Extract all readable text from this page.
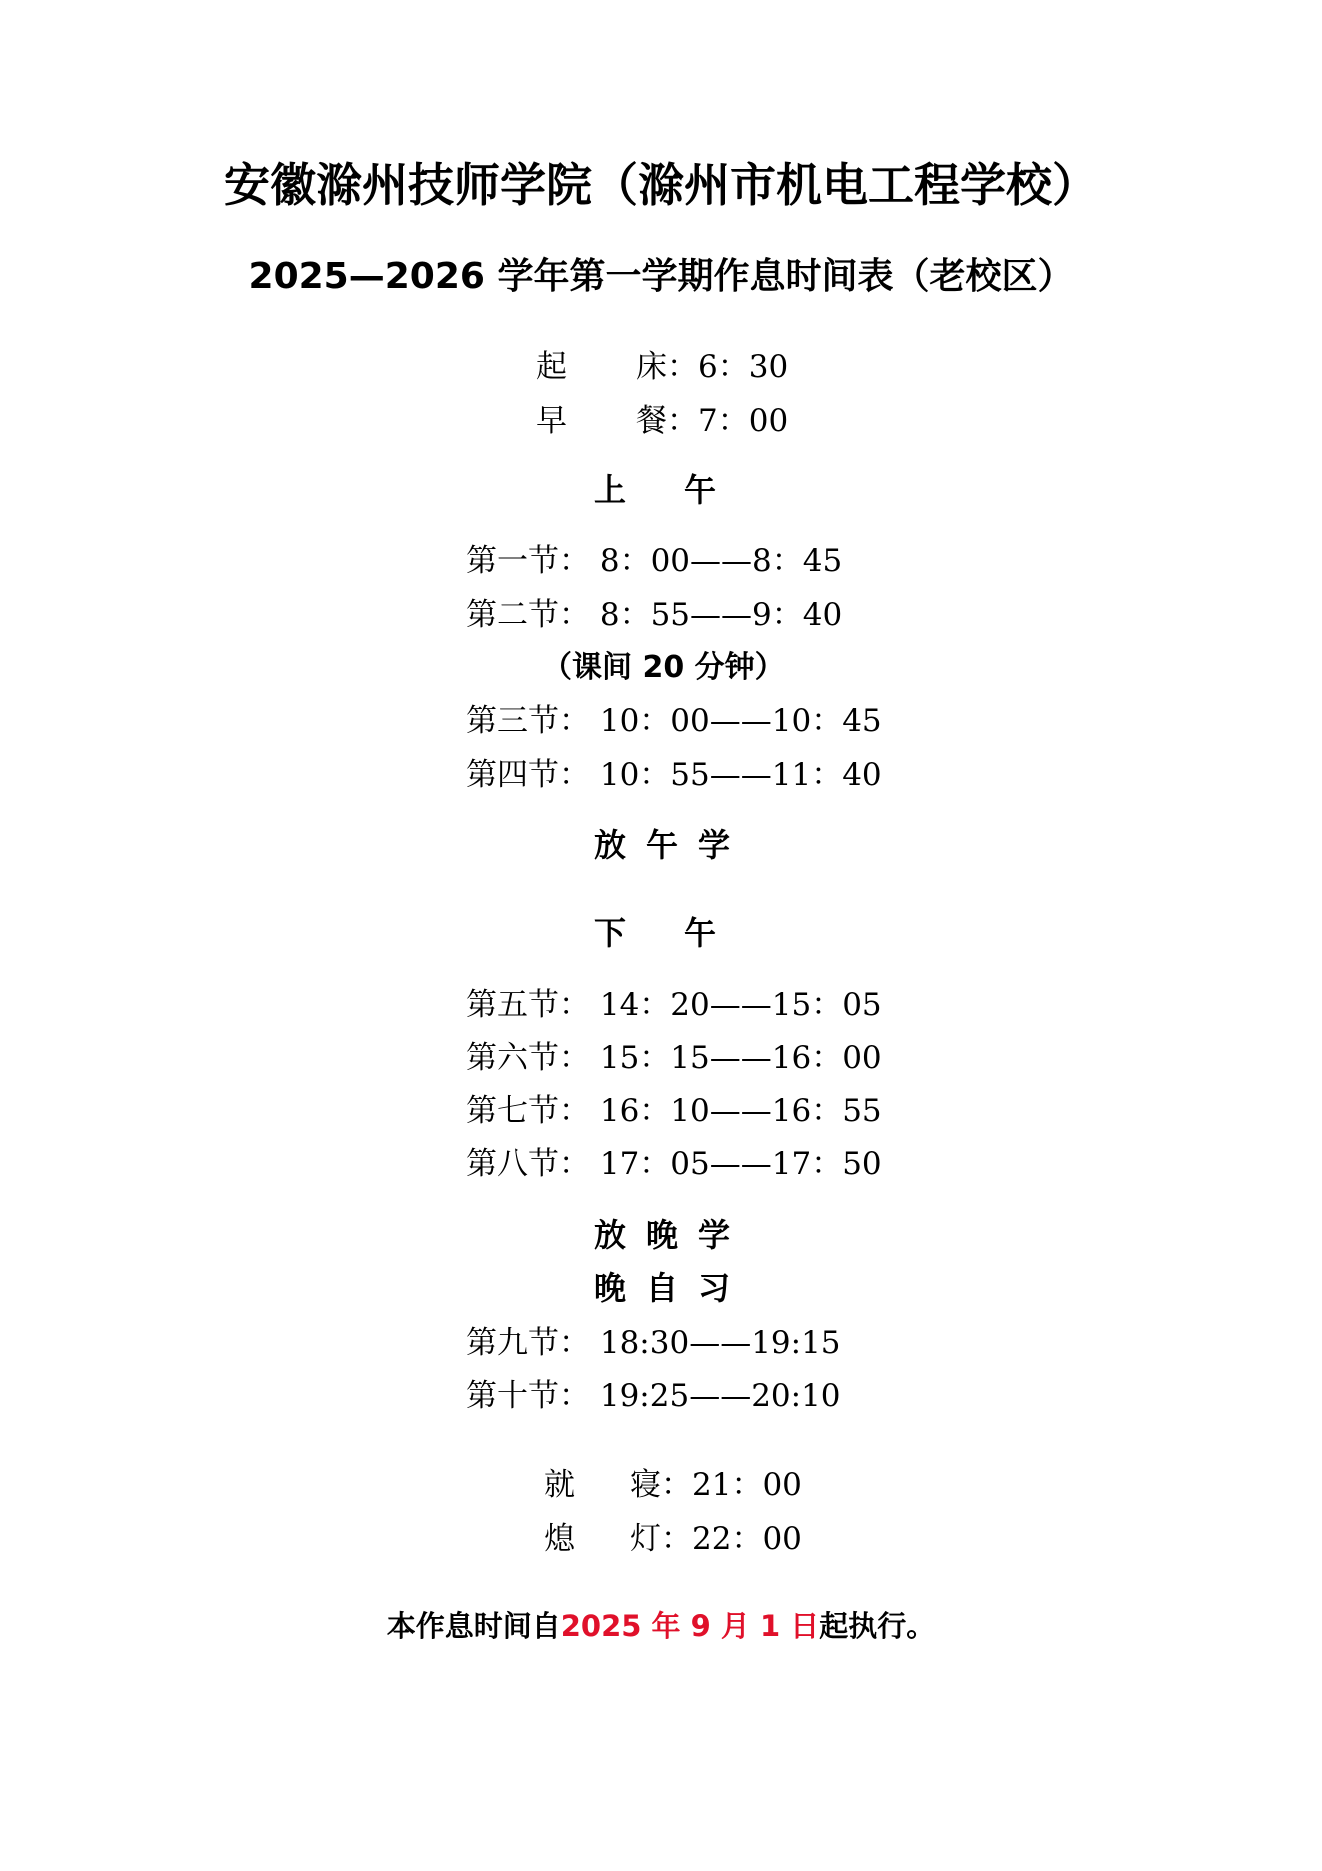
安徽滁州技师学院（滁州市机电工程学校）
2025—2026 学年第一学期作息时间表（老校区）
起 床：6：30
早 餐：7：00
上 午
第一节： 8：00——8：45
第二节： 8：55——9：40
（课间 20 分钟）
第三节： 10：00——10：45
第四节： 10：55——11：40
放 午 学
下 午
第五节： 14：20——15：05
第六节： 15：15——16：00
第七节： 16：10——16：55
第八节： 17：05——17：50
放 晚 学
晚 自 习
第九节： 18:30——19:15
第十节： 19:25——20:10
就 寝：21：00
熄 灯：22：00
本作息时间自2025 年 9 月 1 日起执行。
